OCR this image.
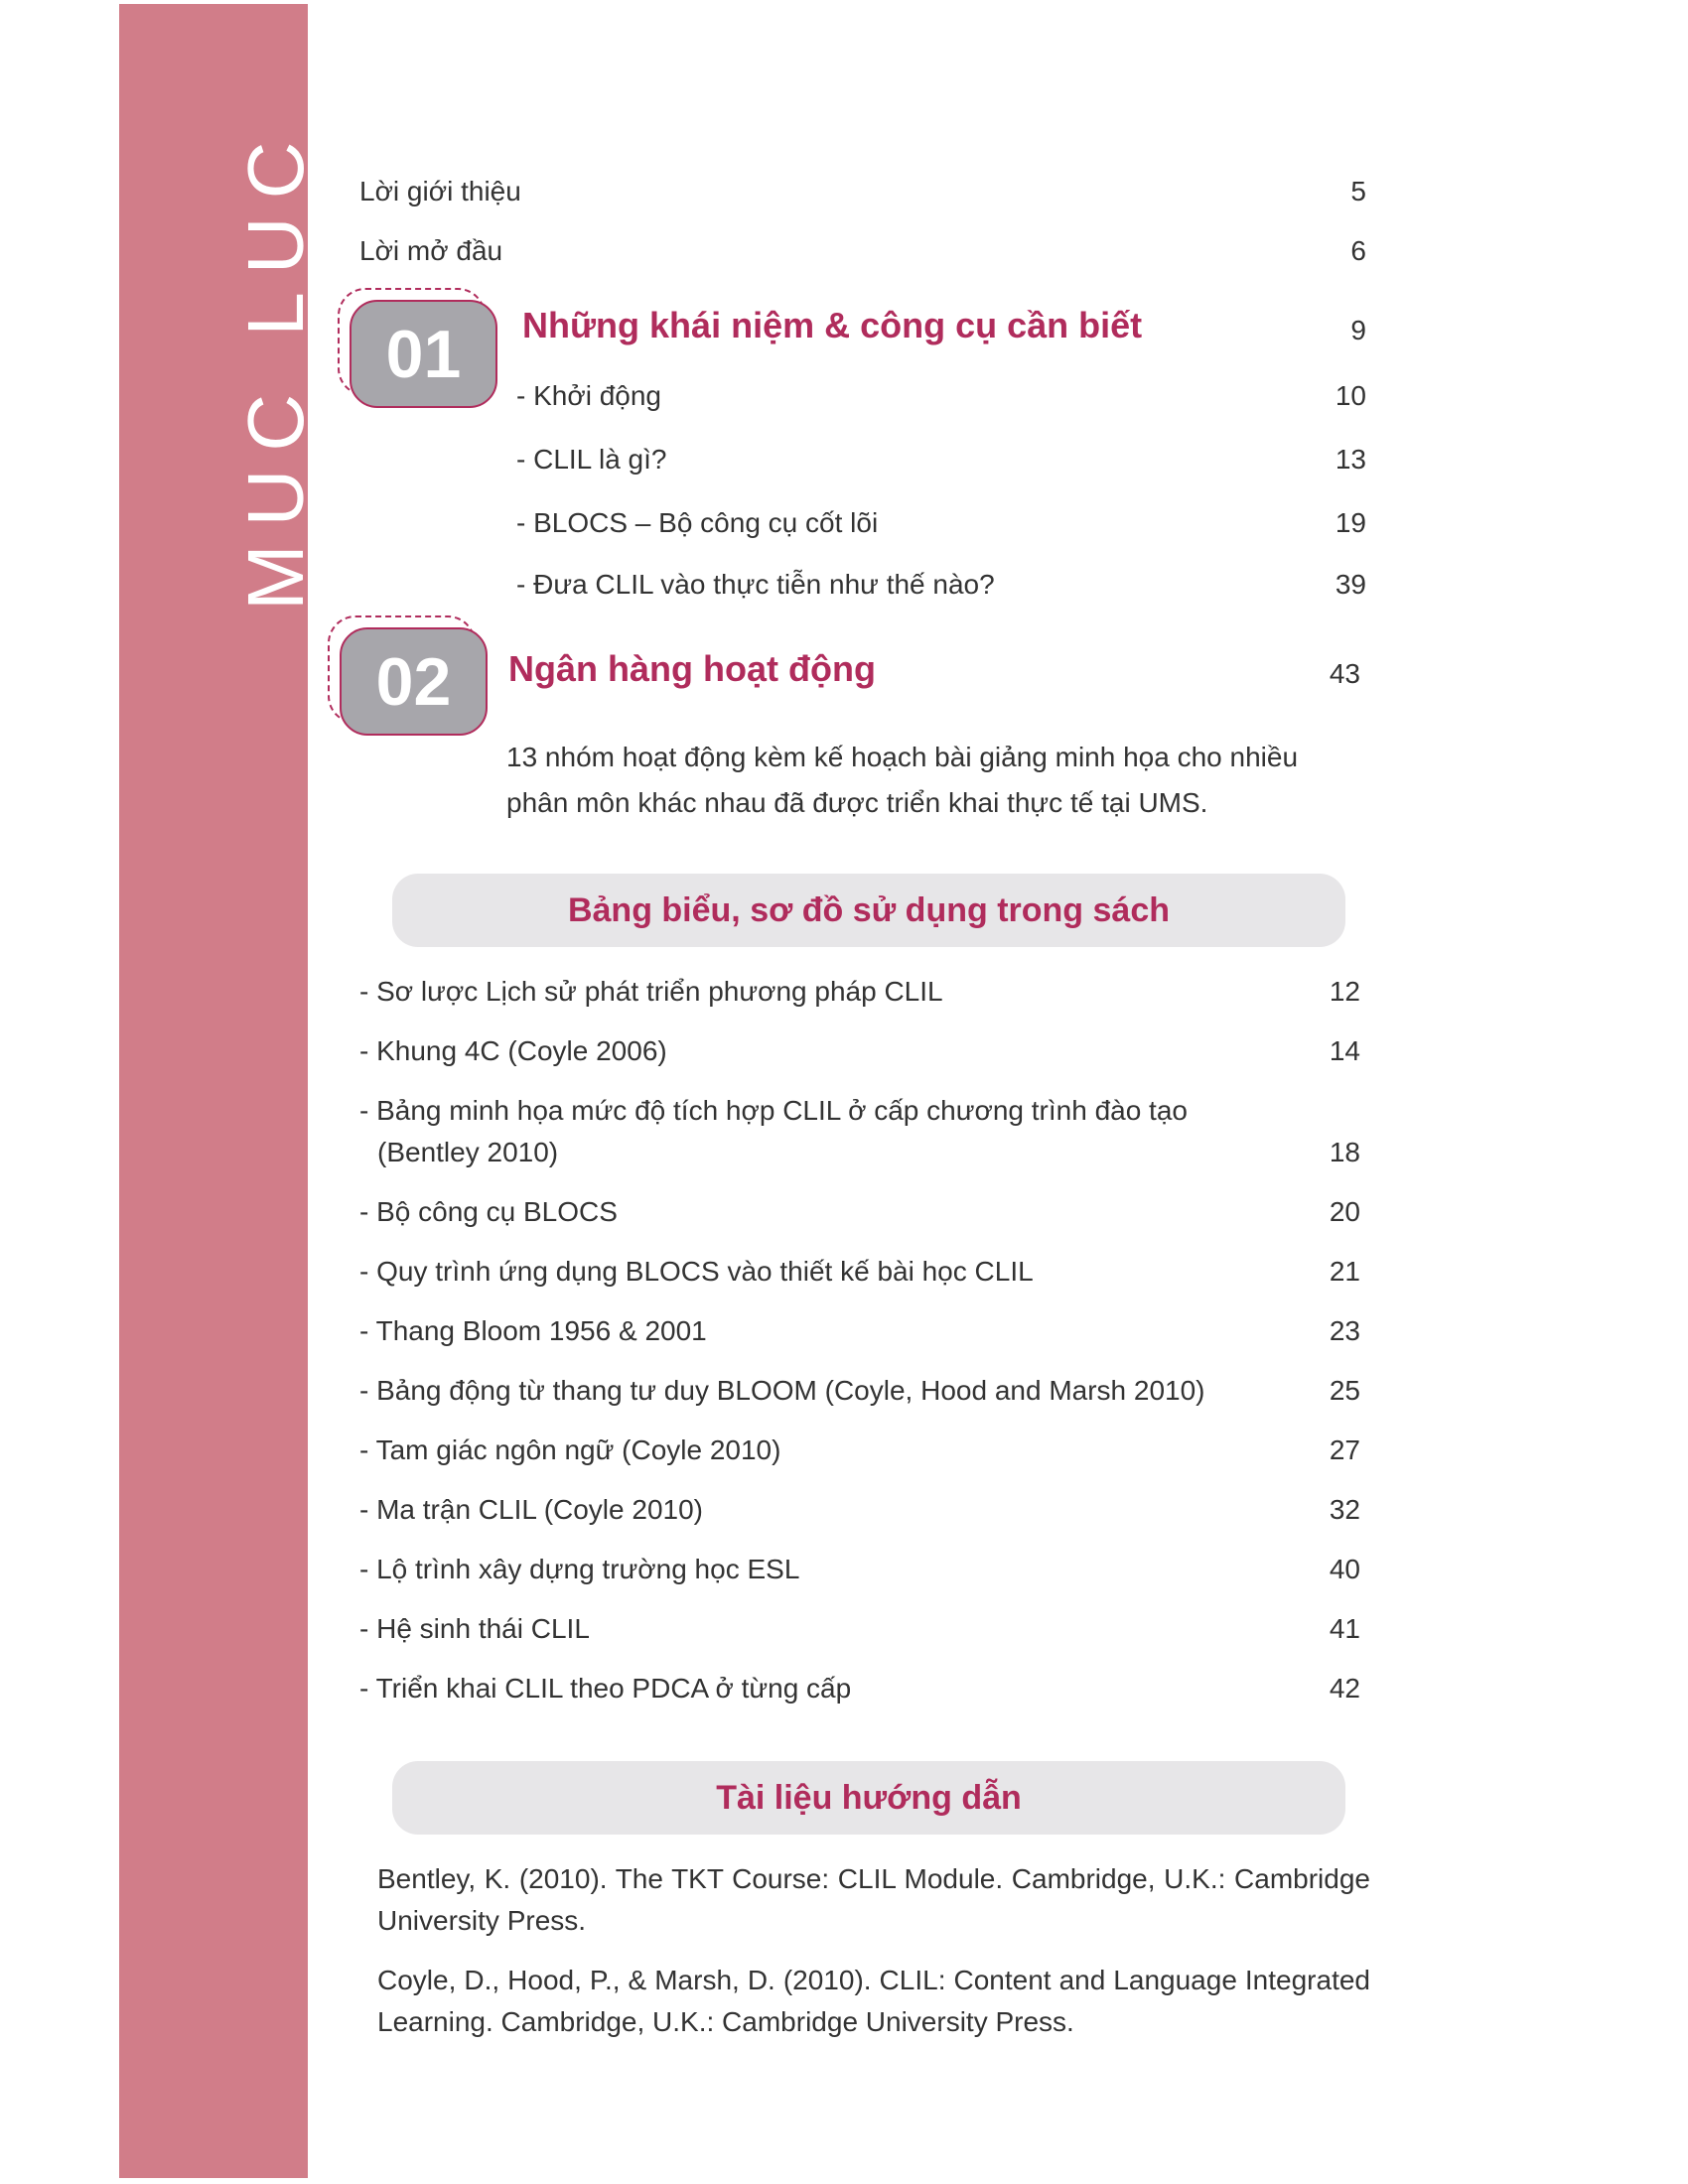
MỤC LỤC Lời giới thiệu	5
Lời mở đầu	6
01	Những khái niệm & công cụ cần biết	9
- Khởi động	10
- CLIL là gì?	13
- BLOCS – Bộ công cụ cốt lõi	19
- Đưa CLIL vào thực tiễn như thế nào?	39
02	Ngân hàng hoạt động	43
13 nhóm hoạt động kèm kế hoạch bài giảng minh họa cho nhiều
phân môn khác nhau đã được triển khai thực tế tại UMS.
Bảng biểu, sơ đồ sử dụng trong sách
- Sơ lược Lịch sử phát triển phương pháp CLIL	12
- Khung 4C (Coyle 2006)	14
- Bảng minh họa mức độ tích hợp CLIL ở cấp chương trình đào tạo
(Bentley 2010)	18
- Bộ công cụ BLOCS	20
- Quy trình ứng dụng BLOCS vào thiết kế bài học CLIL	21
- Thang Bloom 1956 & 2001	23
- Bảng động từ thang tư duy BLOOM (Coyle, Hood and Marsh 2010)	25
- Tam giác ngôn ngữ (Coyle 2010)	27
- Ma trận CLIL (Coyle 2010)	32
- Lộ trình xây dựng trường học ESL	40
- Hệ sinh thái CLIL	41
- Triển khai CLIL theo PDCA ở từng cấp	42
Tài liệu hướng dẫn
Bentley, K. (2010). The TKT Course: CLIL Module. Cambridge, U.K.: Cambridge University Press.
Coyle, D., Hood, P., & Marsh, D. (2010). CLIL: Content and Language Integrated Learning. Cambridge, U.K.: Cambridge University Press.
